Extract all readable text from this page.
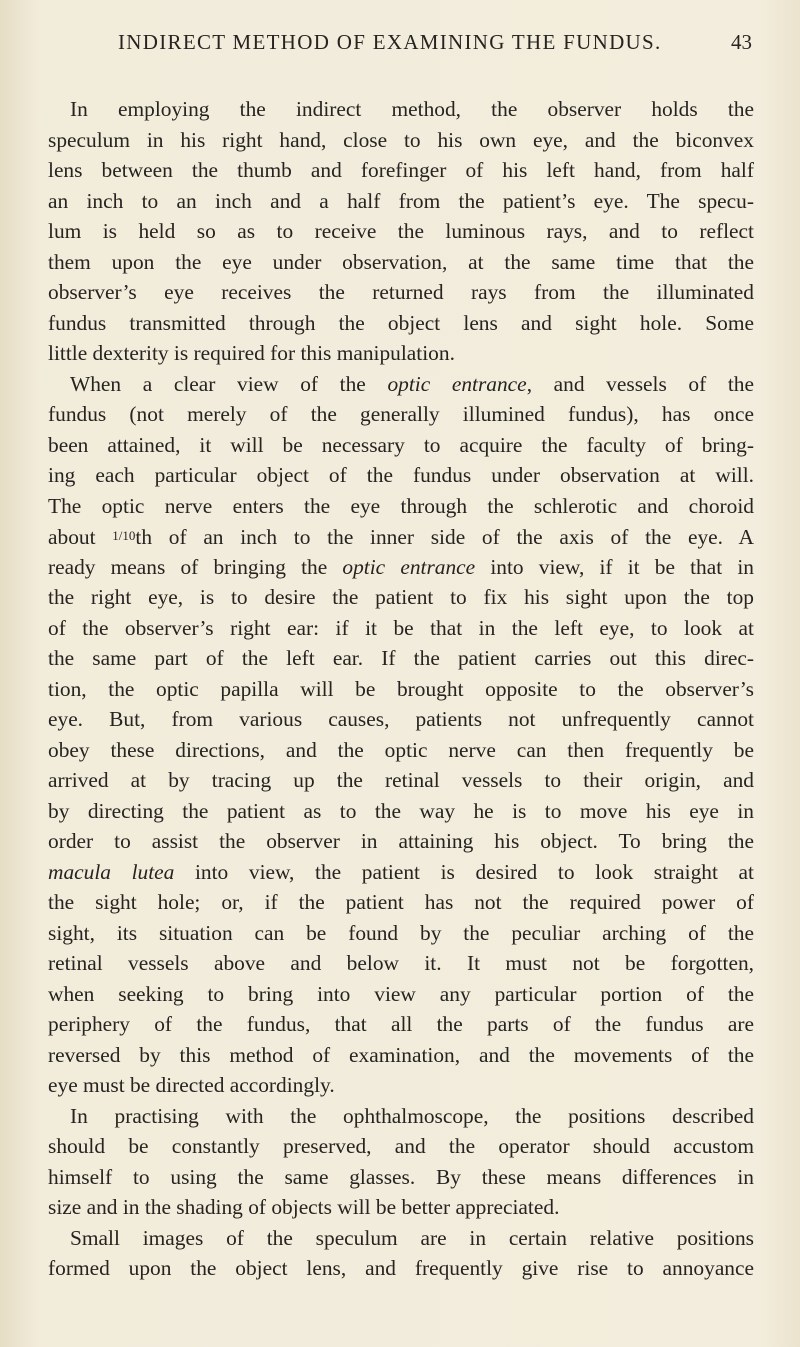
INDIRECT METHOD OF EXAMINING THE FUNDUS.	43
In employing the indirect method, the observer holds the
speculum in his right hand, close to his own eye, and the biconvex
lens between the thumb and forefinger of his left hand, from half
an inch to an inch and a half from the patient’s eye. The specu-
lum is held so as to receive the luminous rays, and to reflect
them upon the eye under observation, at the same time that the
observer’s eye receives the returned rays from the illuminated
fundus transmitted through the object lens and sight hole. Some
little dexterity is required for this manipulation.
When a clear view of the optic entrance, and vessels of the
fundus (not merely of the generally illumined fundus), has once
been attained, it will be necessary to acquire the faculty of bring-
ing each particular object of the fundus under observation at will.
The optic nerve enters the eye through the schlerotic and choroid
about 1/10th of an inch to the inner side of the axis of the eye. A
ready means of bringing the optic entrance into view, if it be that in
the right eye, is to desire the patient to fix his sight upon the top
of the observer’s right ear: if it be that in the left eye, to look at
the same part of the left ear. If the patient carries out this direc-
tion, the optic papilla will be brought opposite to the observer’s
eye. But, from various causes, patients not unfrequently cannot
obey these directions, and the optic nerve can then frequently be
arrived at by tracing up the retinal vessels to their origin, and
by directing the patient as to the way he is to move his eye in
order to assist the observer in attaining his object. To bring the
macula lutea into view, the patient is desired to look straight at
the sight hole; or, if the patient has not the required power of
sight, its situation can be found by the peculiar arching of the
retinal vessels above and below it. It must not be forgotten,
when seeking to bring into view any particular portion of the
periphery of the fundus, that all the parts of the fundus are
reversed by this method of examination, and the movements of the
eye must be directed accordingly.
In practising with the ophthalmoscope, the positions described
should be constantly preserved, and the operator should accustom
himself to using the same glasses. By these means differences in
size and in the shading of objects will be better appreciated.
Small images of the speculum are in certain relative positions
formed upon the object lens, and frequently give rise to annoyance
